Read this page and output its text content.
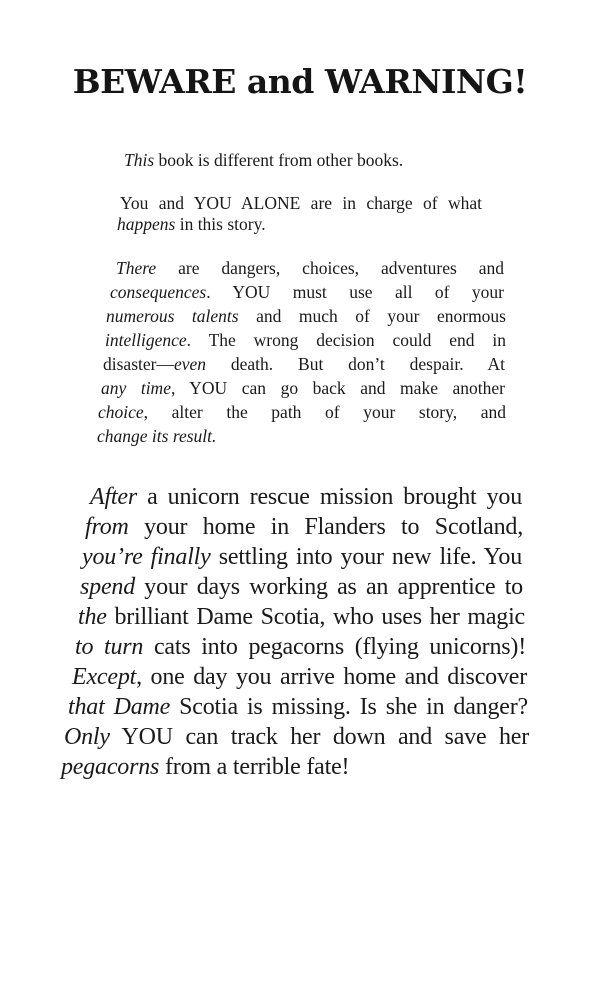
BEWARE and WARNING!
This book is different from other books.
You and YOU ALONE are in charge of what
happens in this story.
There are dangers, choices, adventures and
consequences. YOU must use all of your
numerous talents and much of your enormous
intelligence. The wrong decision could end in
disaster—even death. But don’t despair. At
any time, YOU can go back and make another
choice, alter the path of your story, and
change its result.
After a unicorn rescue mission brought you
from your home in Flanders to Scotland,
you’re finally settling into your new life. You
spend your days working as an apprentice to
the brilliant Dame Scotia, who uses her magic
to turn cats into pegacorns (flying unicorns)!
Except, one day you arrive home and discover
that Dame Scotia is missing. Is she in danger?
Only YOU can track her down and save her
pegacorns from a terrible fate!
